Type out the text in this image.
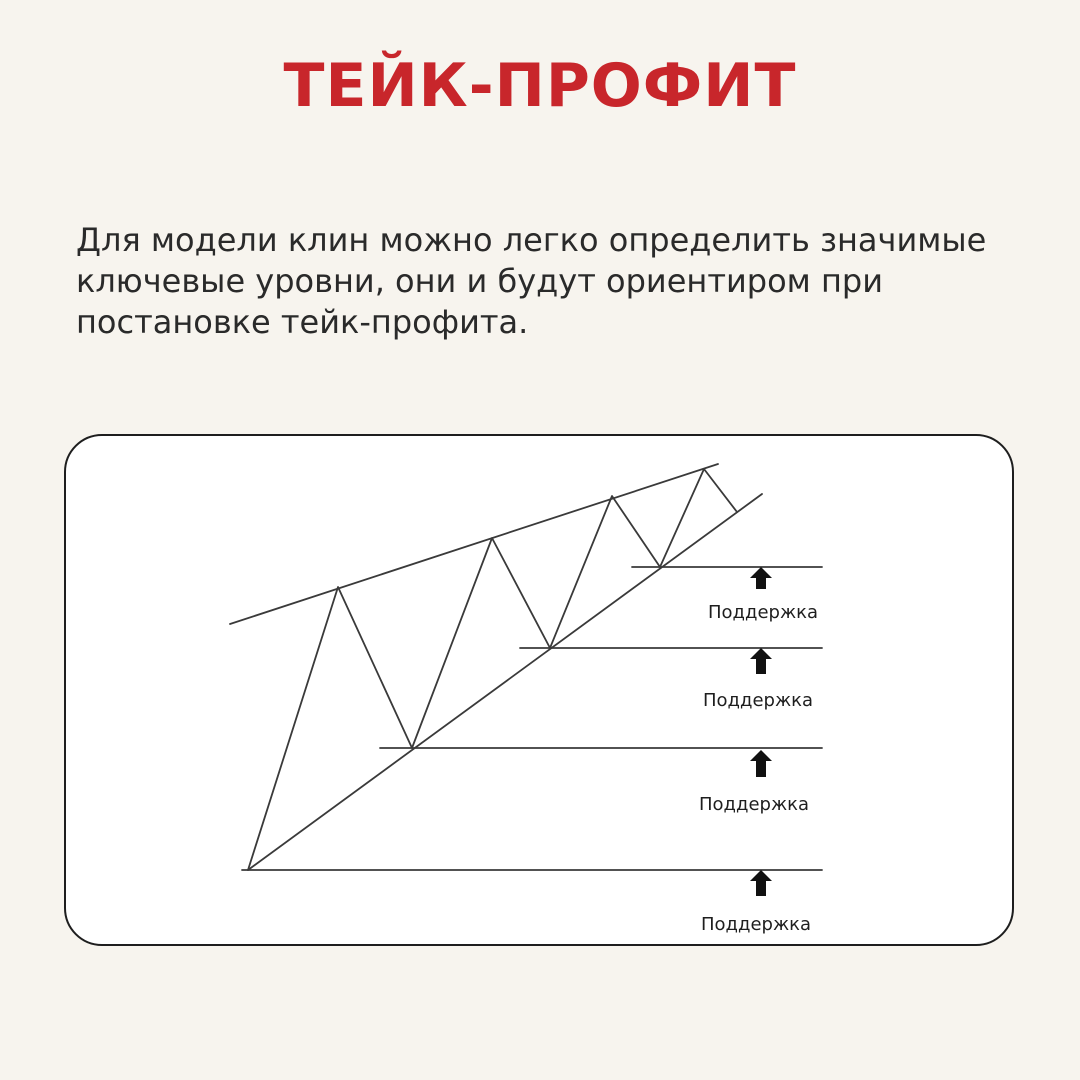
ТЕЙК-ПРОФИТ
Для модели клин можно легко определить значимые
ключевые уровни, они и будут ориентиром при
постановке тейк-профита.
Поддержка
Поддержка
Поддержка
Поддержка
